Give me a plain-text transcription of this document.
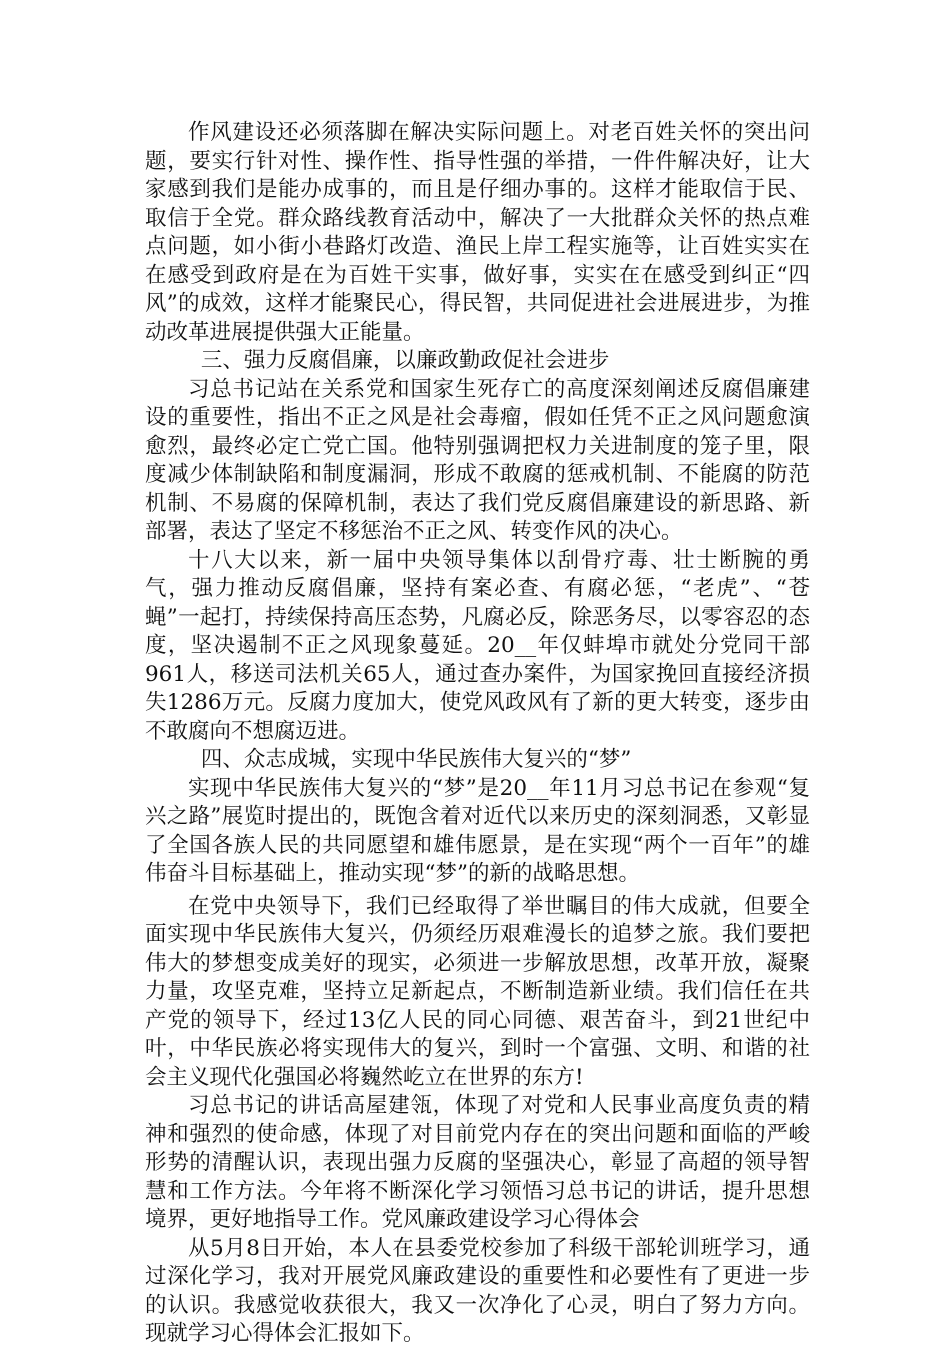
作风建设还必须落脚在解决实际问题上。对老百姓关怀的突出问题，要实行针对性、操作性、指导性强的举措，一件件解决好，让大家感到我们是能办成事的，而且是仔细办事的。这样才能取信于民、取信于全党。群众路线教育活动中，解决了一大批群众关怀的热点难点问题，如小街小巷路灯改造、渔民上岸工程实施等，让百姓实实在在感受到政府是在为百姓干实事，做好事，实实在在感受到纠正“四风”的成效，这样才能聚民心，得民智，共同促进社会进展进步，为推动改革进展提供强大正能量。

三、强力反腐倡廉，以廉政勤政促社会进步

习总书记站在关系党和国家生死存亡的高度深刻阐述反腐倡廉建设的重要性，指出不正之风是社会毒瘤，假如任凭不正之风问题愈演愈烈，最终必定亡党亡国。他特别强调把权力关进制度的笼子里，限度减少体制缺陷和制度漏洞，形成不敢腐的惩戒机制、不能腐的防范机制、不易腐的保障机制，表达了我们党反腐倡廉建设的新思路、新部署，表达了坚定不移惩治不正之风、转变作风的决心。

十八大以来，新一届中央领导集体以刮骨疗毒、壮士断腕的勇气，强力推动反腐倡廉，坚持有案必查、有腐必惩，“老虎”、“苍蝇”一起打，持续保持高压态势，凡腐必反，除恶务尽，以零容忍的态度，坚决遏制不正之风现象蔓延。20__年仅蚌埠市就处分党同干部961人，移送司法机关65人，通过查办案件，为国家挽回直接经济损失1286万元。反腐力度加大，使党风政风有了新的更大转变，逐步由不敢腐向不想腐迈进。

四、众志成城，实现中华民族伟大复兴的“梦”

实现中华民族伟大复兴的“梦”是20__年11月习总书记在参观“复兴之路”展览时提出的，既饱含着对近代以来历史的深刻洞悉，又彰显了全国各族人民的共同愿望和雄伟愿景，是在实现“两个一百年”的雄伟奋斗目标基础上，推动实现“梦”的新的战略思想。

在党中央领导下，我们已经取得了举世瞩目的伟大成就，但要全面实现中华民族伟大复兴，仍须经历艰难漫长的追梦之旅。我们要把伟大的梦想变成美好的现实，必须进一步解放思想，改革开放，凝聚力量，攻坚克难，坚持立足新起点，不断制造新业绩。我们信任在共产党的领导下，经过13亿人民的同心同德、艰苦奋斗，到21世纪中叶，中华民族必将实现伟大的复兴，到时一个富强、文明、和谐的社会主义现代化强国必将巍然屹立在世界的东方!

习总书记的讲话高屋建瓴，体现了对党和人民事业高度负责的精神和强烈的使命感，体现了对目前党内存在的突出问题和面临的严峻形势的清醒认识，表现出强力反腐的坚强决心，彰显了高超的领导智慧和工作方法。今年将不断深化学习领悟习总书记的讲话，提升思想境界，更好地指导工作。党风廉政建设学习心得体会

从5月8日开始，本人在县委党校参加了科级干部轮训班学习，通过深化学习，我对开展党风廉政建设的重要性和必要性有了更进一步的认识。我感觉收获很大，我又一次净化了心灵，明白了努力方向。现就学习心得体会汇报如下。
